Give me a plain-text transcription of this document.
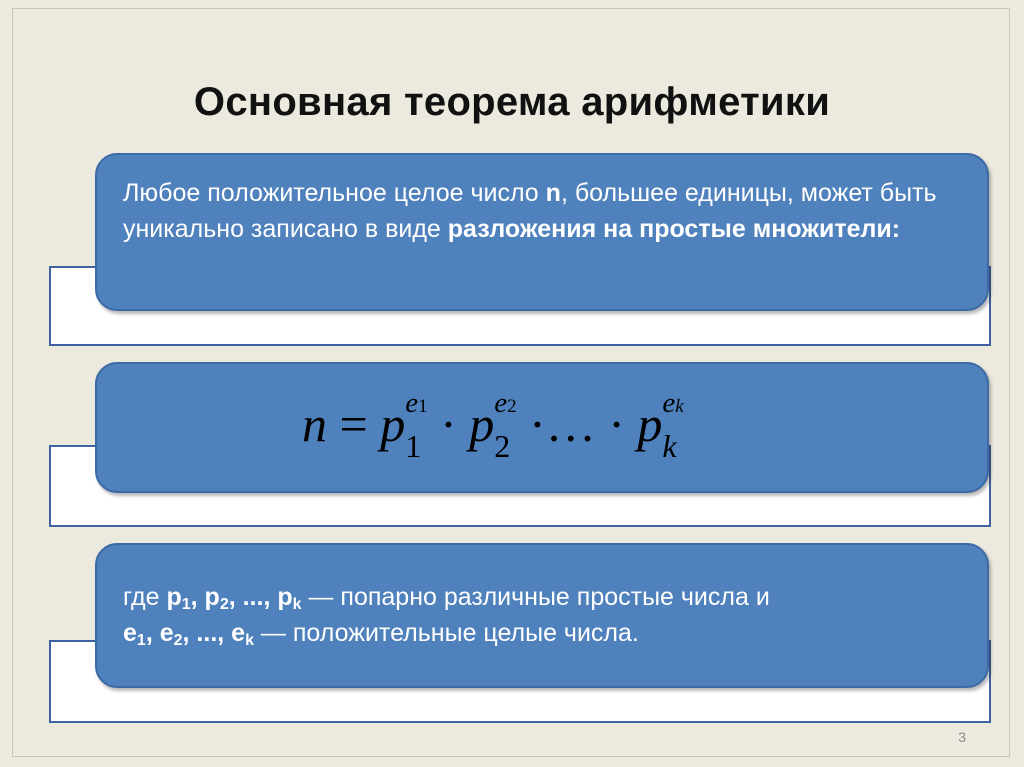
Основная теорема арифметики
Любое положительное целое число n, большее единицы, может быть уникально записано в виде разложения на простые множители:
n = p e1
1 · p e2
2 ·… · p ek
k
где $p_1$, $p_2$, ..., $p_k$ — попарно различные простые числа и
$e_1$, $e_2$, ..., $e_k$ — положительные целые числа.
3
